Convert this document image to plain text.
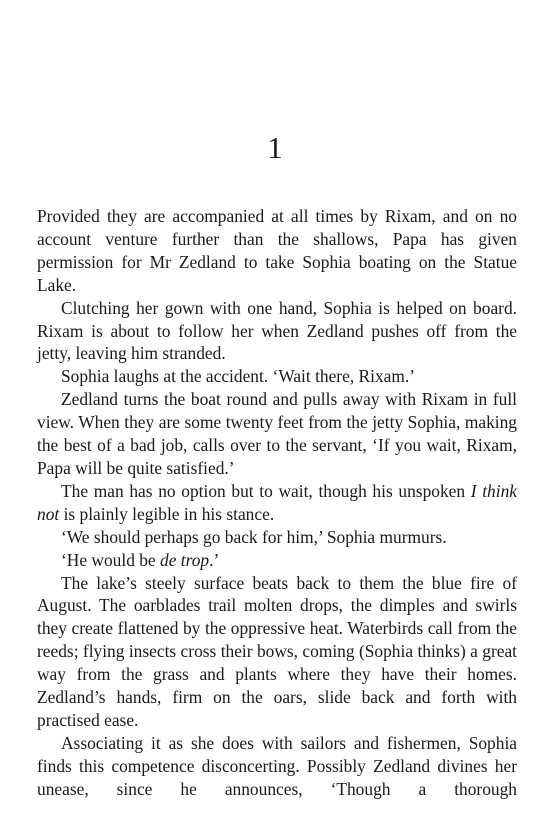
1

Provided they are accompanied at all times by Rixam, and on no account venture further than the shallows, Papa has given permission for Mr Zedland to take Sophia boating on the Statue Lake.

Clutching her gown with one hand, Sophia is helped on board. Rixam is about to follow her when Zedland pushes off from the jetty, leaving him stranded.

Sophia laughs at the accident. ‘Wait there, Rixam.’

Zedland turns the boat round and pulls away with Rixam in full view. When they are some twenty feet from the jetty Sophia, making the best of a bad job, calls over to the servant, ‘If you wait, Rixam, Papa will be quite satisfied.’

The man has no option but to wait, though his unspoken I think not is plainly legible in his stance.

‘We should perhaps go back for him,’ Sophia murmurs.

‘He would be de trop.’

The lake’s steely surface beats back to them the blue fire of August. The oarblades trail molten drops, the dimples and swirls they create flattened by the oppressive heat. Waterbirds call from the reeds; flying insects cross their bows, coming (Sophia thinks) a great way from the grass and plants where they have their homes. Zedland’s hands, firm on the oars, slide back and forth with practised ease.

Associating it as she does with sailors and fishermen, Sophia finds this competence disconcerting. Possibly Zedland divines her unease, since he announces, ‘Though a thorough
